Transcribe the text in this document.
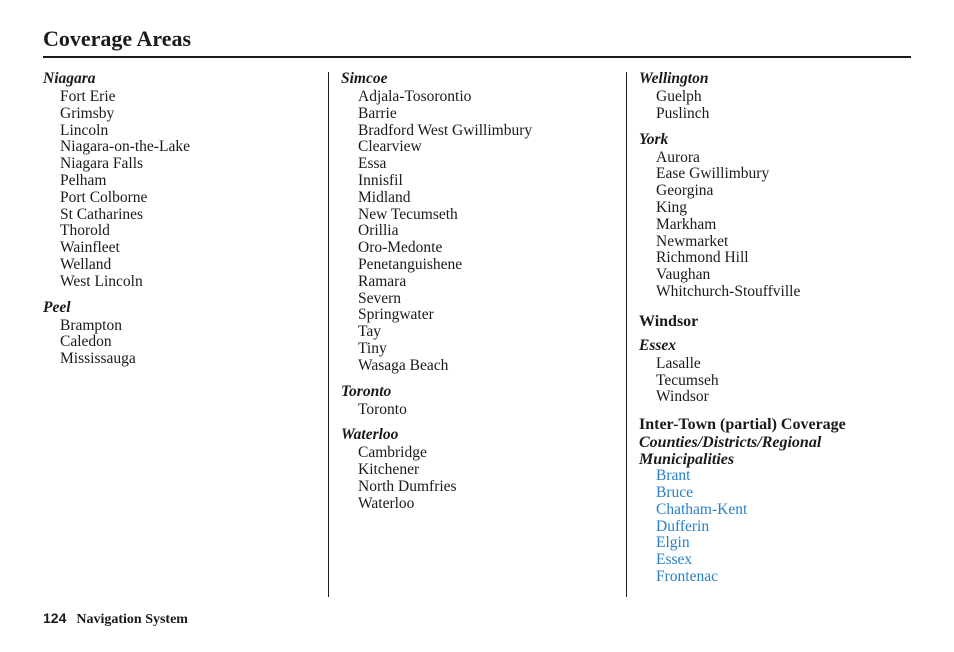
Coverage Areas
Niagara
Fort Erie
Grimsby
Lincoln
Niagara-on-the-Lake
Niagara Falls
Pelham
Port Colborne
St Catharines
Thorold
Wainfleet
Welland
West Lincoln
Peel
Brampton
Caledon
Mississauga
Simcoe
Adjala-Tosorontio
Barrie
Bradford West Gwillimbury
Clearview
Essa
Innisfil
Midland
New Tecumseth
Orillia
Oro-Medonte
Penetanguishene
Ramara
Severn
Springwater
Tay
Tiny
Wasaga Beach
Toronto
Toronto
Waterloo
Cambridge
Kitchener
North Dumfries
Waterloo
Wellington
Guelph
Puslinch
York
Aurora
Ease Gwillimbury
Georgina
King
Markham
Newmarket
Richmond Hill
Vaughan
Whitchurch-Stouffville
Windsor
Essex
Lasalle
Tecumseh
Windsor
Inter-Town (partial) Coverage
Counties/Districts/Regional Municipalities
Brant
Bruce
Chatham-Kent
Dufferin
Elgin
Essex
Frontenac
124 Navigation System
